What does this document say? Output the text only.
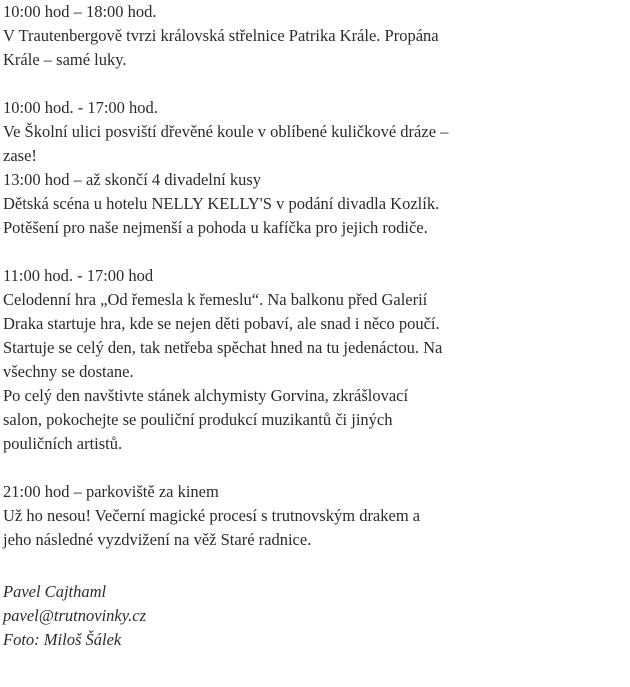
10:00 hod – 18:00 hod.
V Trautenbergově tvrzi královská střelnice Patrika Krále. Propána
Krále – samé luky.
10:00 hod. - 17:00 hod.
Ve Školní ulici posviští dřevěné koule v oblíbené kuličkové dráze –
zase!
13:00 hod – až skončí 4 divadelní kusy
Dětská scéna u hotelu NELLY KELLY'S v podání divadla Kozlík.
Potěšení pro naše nejmenší a pohoda u kafíčka pro jejich rodiče.
11:00 hod. - 17:00 hod
Celodenní hra „Od řemesla k řemeslu“. Na balkonu před Galerií
Draka startuje hra, kde se nejen děti pobaví, ale snad i něco poučí.
Startuje se celý den, tak netřeba spěchat hned na tu jedenáctou. Na
všechny se dostane.
Po celý den navštivte stánek alchymisty Gorvina, zkrášlovací
salon, pokochejte se pouliční produkcí muzikantů či jiných
pouličních artistů.
21:00 hod – parkoviště za kinem
Už ho nesou! Večerní magické procesí s trutnovským drakem a
jeho následné vyzdvižení na věž Staré radnice.
Pavel Cajthaml
pavel@trutnovinky.cz
Foto: Miloš Šálek
